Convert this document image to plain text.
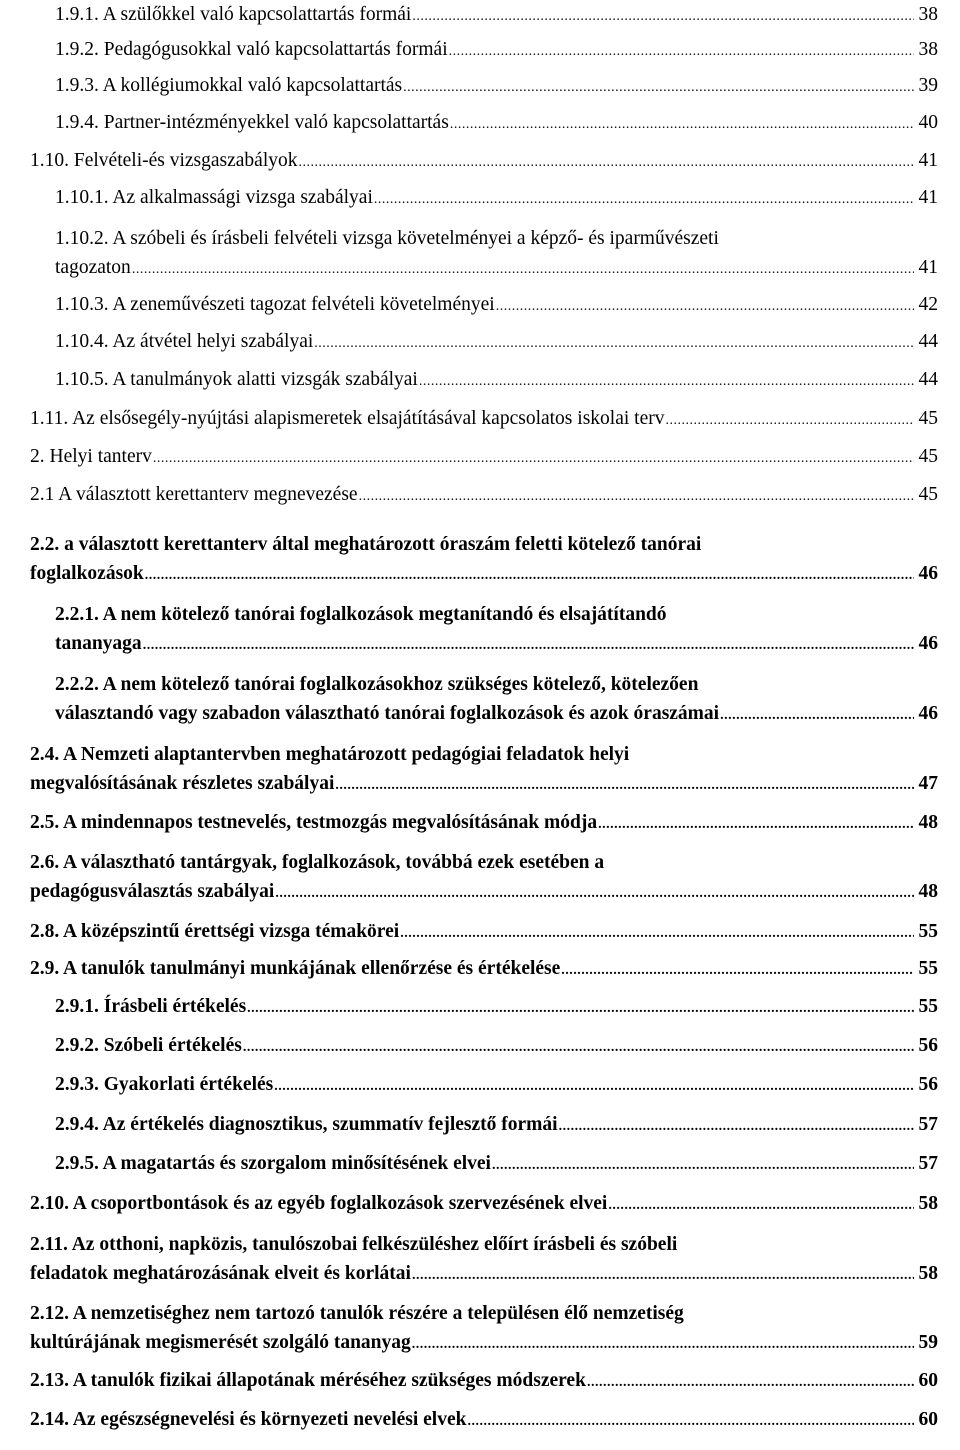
1.9.1. A szülőkkel való kapcsolattartás formái .....	38
1.9.2. Pedagógusokkal való kapcsolattartás formái .....	38
1.9.3. A kollégiumokkal való kapcsolattartás .....	39
1.9.4. Partner-intézményekkel való kapcsolattartás .....	40
1.10. Felvételi-és vizsgaszabályok .....	41
1.10.1. Az alkalmassági vizsga szabályai .....	41
1.10.2. A szóbeli és írásbeli felvételi vizsga követelményei a képző- és iparművészeti
tagozaton .....	41
1.10.3. A zeneművészeti tagozat felvételi követelményei .....	42
1.10.4. Az átvétel helyi szabályai .....	44
1.10.5. A tanulmányok alatti vizsgák szabályai .....	44
1.11. Az elsősegély-nyújtási alapismeretek elsajátításával kapcsolatos iskolai terv .....	45
2. Helyi tanterv .....	45
2.1 A választott kerettanterv megnevezése .....	45
2.2. a választott kerettanterv által meghatározott óraszám feletti kötelező tanórai
foglalkozások .....	46
2.2.1. A nem kötelező tanórai foglalkozások megtanítandó és elsajátítandó
tananyaga .....	46
2.2.2. A nem kötelező tanórai foglalkozásokhoz szükséges kötelező, kötelezően
választandó vagy szabadon választható tanórai foglalkozások és azok óraszámai .....	46
2.4. A Nemzeti alaptantervben meghatározott pedagógiai feladatok helyi
megvalósításának részletes szabályai .....	47
2.5. A mindennapos testnevelés, testmozgás megvalósításának módja .....	48
2.6. A választható tantárgyak, foglalkozások, továbbá ezek esetében a
pedagógusválasztás szabályai .....	48
2.8. A középszintű érettségi vizsga témakörei .....	55
2.9. A tanulók tanulmányi munkájának ellenőrzése és értékelése .....	55
2.9.1. Írásbeli értékelés .....	55
2.9.2. Szóbeli értékelés .....	56
2.9.3. Gyakorlati értékelés .....	56
2.9.4. Az értékelés diagnosztikus, szummatív fejlesztő formái .....	57
2.9.5. A magatartás és szorgalom minősítésének elvei .....	57
2.10. A csoportbontások és az egyéb foglalkozások szervezésének elvei .....	58
2.11. Az otthoni, napközis, tanulószobai felkészüléshez előírt írásbeli és szóbeli
feladatok meghatározásának elveit és korlátai .....	58
2.12. A nemzetiséghez nem tartozó tanulók részére a településen élő nemzetiség
kultúrájának megismerését szolgáló tananyag .....	59
2.13. A tanulók fizikai állapotának méréséhez szükséges módszerek .....	60
2.14. Az egészségnevelési és környezeti nevelési elvek .....	60
